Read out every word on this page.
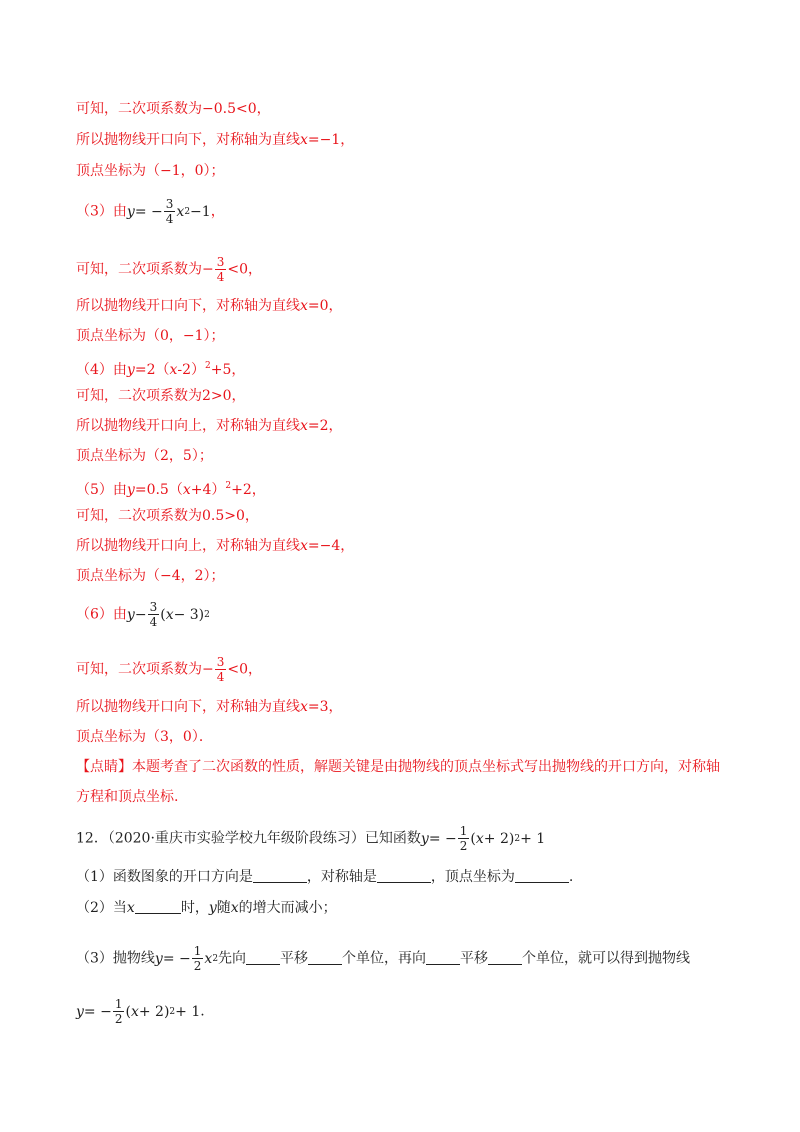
可知，二次项系数为−0.5<0，
所以抛物线开口向下，对称轴为直线x=−1，
顶点坐标为（−1，0）；
（3）由 y = − $\frac{3}{4}$ x 2 −1 ，
可知，二次项系数为− $\frac{3}{4} <0$，
所以抛物线开口向下，对称轴为直线x=0，
顶点坐标为（0，−1）；
（4）由$y=2(x-2)^2+5$，
可知，二次项系数为2>0，
所以抛物线开口向上，对称轴为直线x=2，
顶点坐标为（2，5）；
（5）由$y=0.5(x+4)^2+2$，
可知，二次项系数为0.5>0，
所以抛物线开口向上，对称轴为直线x=−4，
顶点坐标为（−4，2）；
（6）由 $y - \frac{3}{4}$ ( x − 3) 2
可知，二次项系数为− $\frac{3}{4} <0$，
所以抛物线开口向下，对称轴为直线x=3，
顶点坐标为（3，0）．
【点睛】本题考查了二次函数的性质，解题关键是由抛物线的顶点坐标式写出抛物线的开口方向，对称轴
方程和顶点坐标.
12．（2020·重庆市实验学校九年级阶段练习）已知函数 y = − $\frac{1}{2}$ ( x + 2) 2 + 1
（1）函数图象的开口方向是	，对称轴是	，顶点坐标为	.
（2）当x	时，y随x的增大而减小；
（3）抛物线 y = − $\frac{1}{2}$ x 2 先向 平移 个单位，再向 平移 个单位，就可以得到抛物线
y = − $\frac{1}{2}$ ( x + 2) 2 + 1 .
